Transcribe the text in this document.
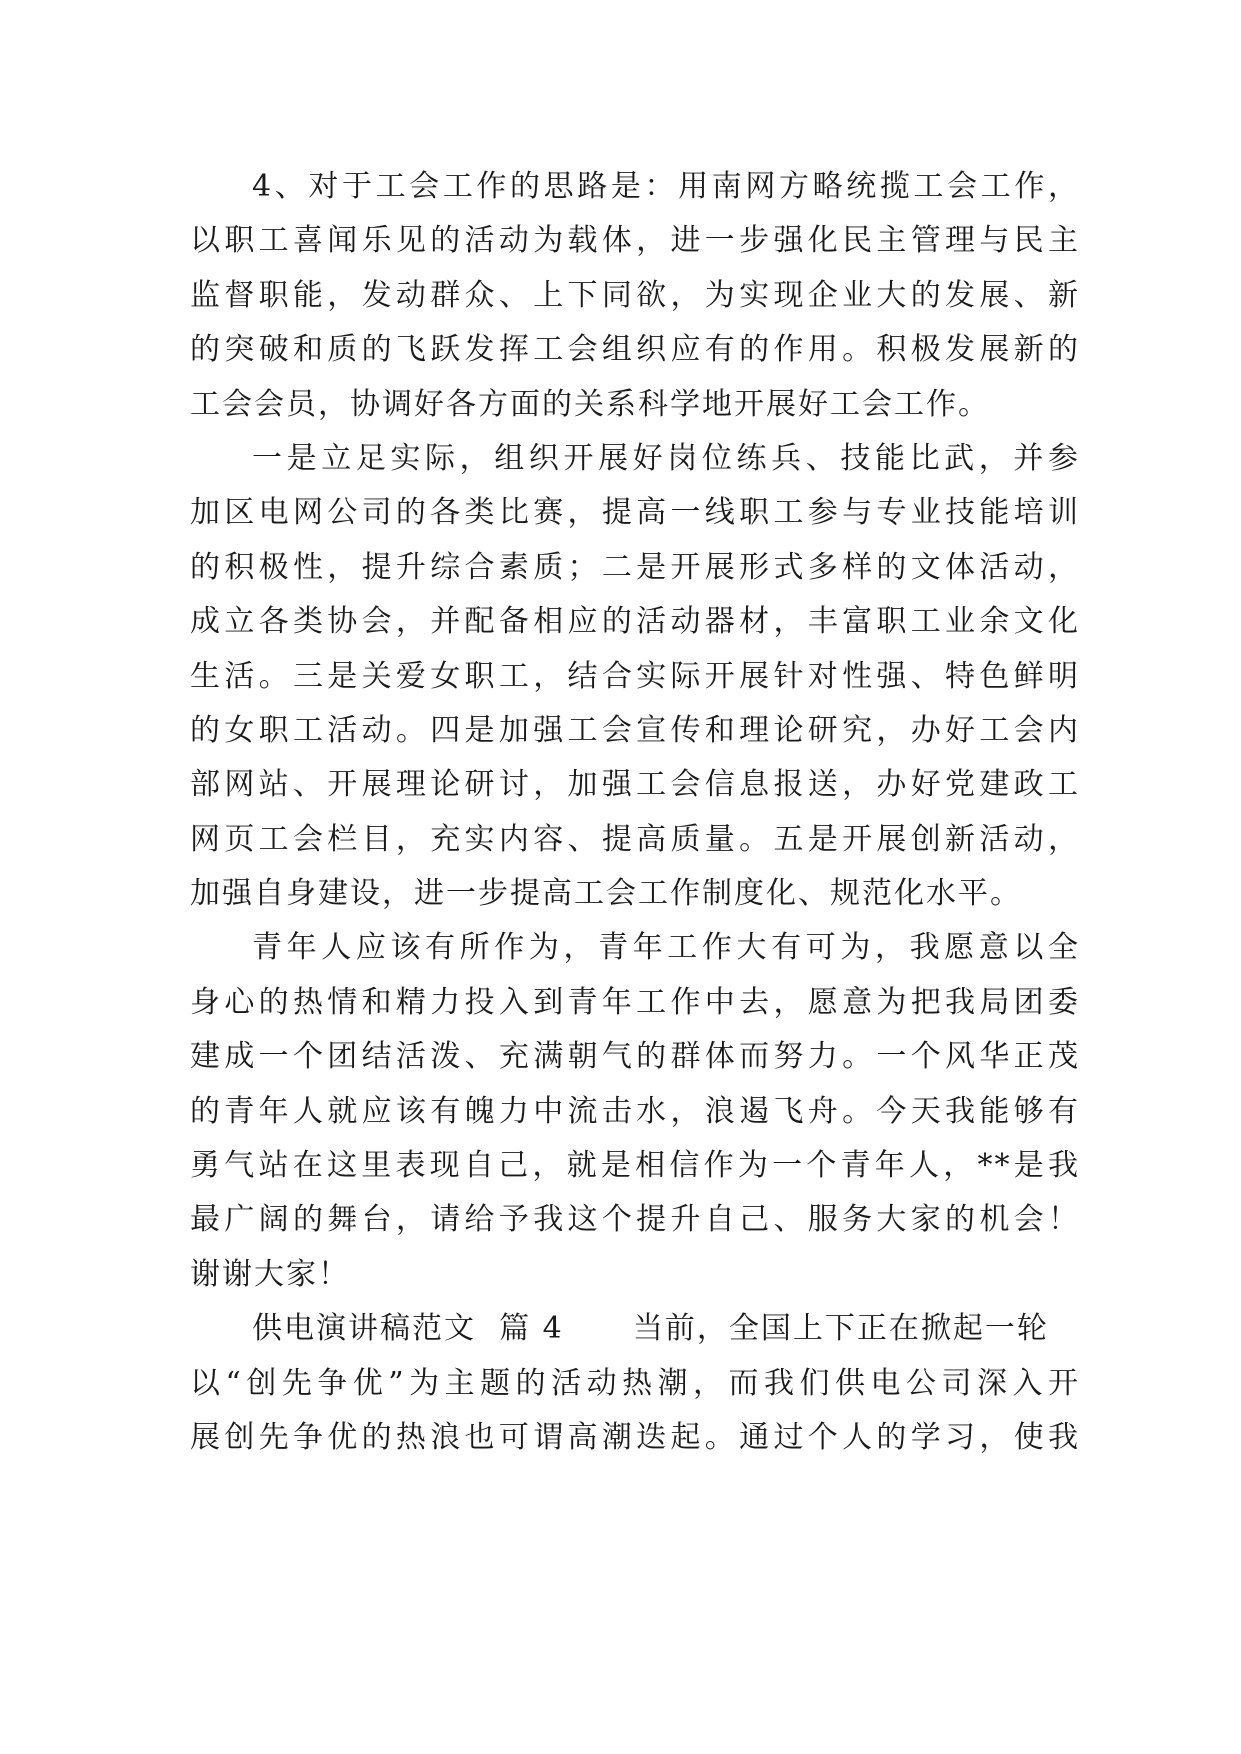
4、对于工会工作的思路是：用南网方略统揽工会工作，
以职工喜闻乐见的活动为载体，进一步强化民主管理与民主
监督职能，发动群众、上下同欲，为实现企业大的发展、新
的突破和质的飞跃发挥工会组织应有的作用。积极发展新的
工会会员，协调好各方面的关系科学地开展好工会工作。
一是立足实际，组织开展好岗位练兵、技能比武，并参
加区电网公司的各类比赛，提高一线职工参与专业技能培训
的积极性，提升综合素质；二是开展形式多样的文体活动，
成立各类协会，并配备相应的活动器材，丰富职工业余文化
生活。三是关爱女职工，结合实际开展针对性强、特色鲜明
的女职工活动。四是加强工会宣传和理论研究，办好工会内
部网站、开展理论研讨，加强工会信息报送，办好党建政工
网页工会栏目，充实内容、提高质量。五是开展创新活动，
加强自身建设，进一步提高工会工作制度化、规范化水平。
青年人应该有所作为，青年工作大有可为，我愿意以全
身心的热情和精力投入到青年工作中去，愿意为把我局团委
建成一个团结活泼、充满朝气的群体而努力。一个风华正茂
的青年人就应该有魄力中流击水，浪遏飞舟。今天我能够有
勇气站在这里表现自己，就是相信作为一个青年人，**是我
最广阔的舞台，请给予我这个提升自己、服务大家的机会！
谢谢大家！
供电演讲稿范文  篇 4      当前，全国上下正在掀起一轮
以“创先争优”为主题的活动热潮，而我们供电公司深入开
展创先争优的热浪也可谓高潮迭起。通过个人的学习，使我
